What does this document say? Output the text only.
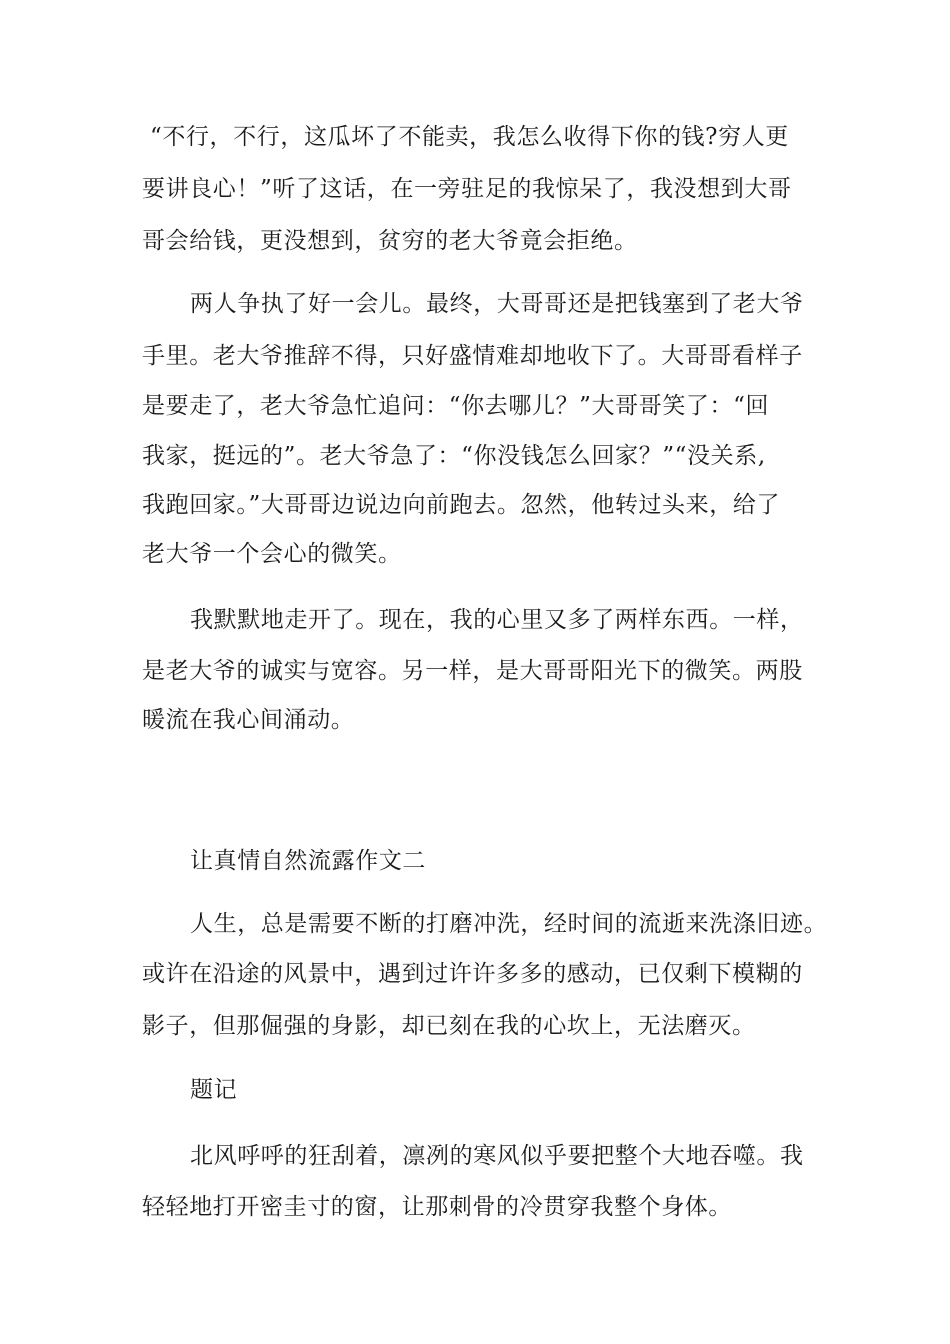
“不行，不行，这瓜坏了不能卖，我怎么收得下你的钱?穷人更
要讲良心！”听了这话，在一旁驻足的我惊呆了，我没想到大哥
哥会给钱，更没想到，贫穷的老大爷竟会拒绝。
两人争执了好一会儿。最终，大哥哥还是把钱塞到了老大爷
手里。老大爷推辞不得，只好盛情难却地收下了。大哥哥看样子
是要走了，老大爷急忙追问：“你去哪儿？”大哥哥笑了：“回
我家，挺远的”。老大爷急了：“你没钱怎么回家？”“没关系,
我跑回家。”大哥哥边说边向前跑去。忽然，他转过头来，给了
老大爷一个会心的微笑。
我默默地走开了。现在，我的心里又多了两样东西。一样，
是老大爷的诚实与宽容。另一样，是大哥哥阳光下的微笑。两股
暖流在我心间涌动。
让真情自然流露作文二
人生，总是需要不断的打磨冲洗，经时间的流逝来洗涤旧迹。
或许在沿途的风景中，遇到过许许多多的感动，已仅剩下模糊的
影子，但那倔强的身影，却已刻在我的心坎上，无法磨灭。
题记
北风呼呼的狂刮着，凛冽的寒风似乎要把整个大地吞噬。我
轻轻地打开密圭寸的窗，让那刺骨的冷贯穿我整个身体。
